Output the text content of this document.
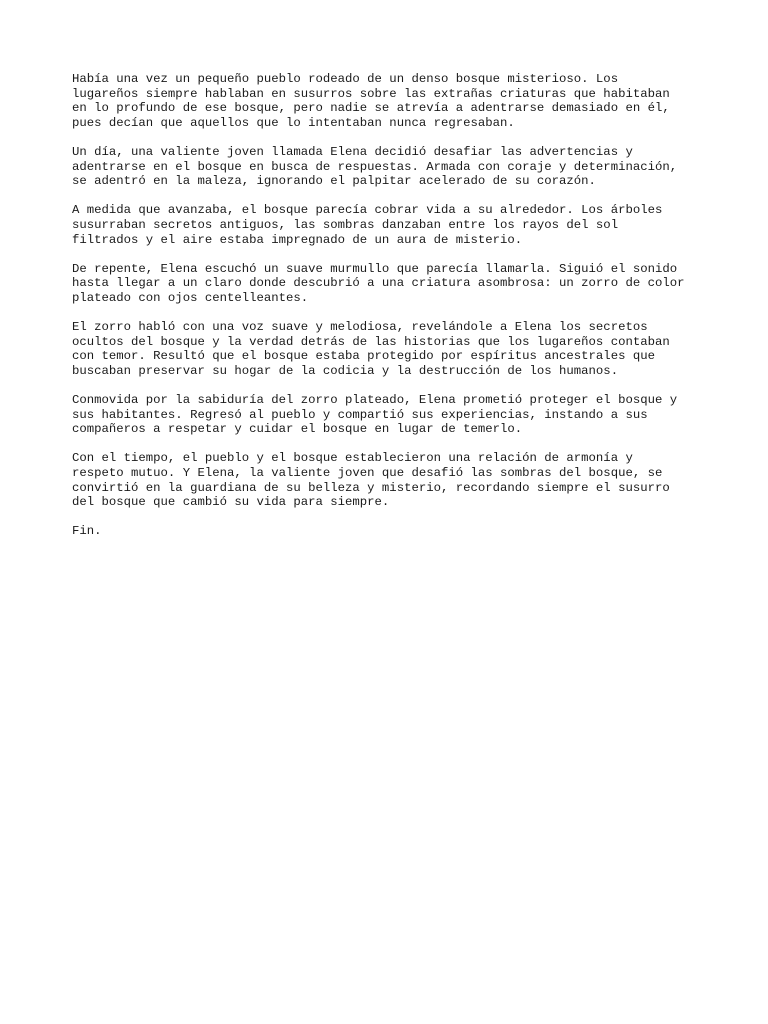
Había una vez un pequeño pueblo rodeado de un denso bosque misterioso. Los
lugareños siempre hablaban en susurros sobre las extrañas criaturas que habitaban
en lo profundo de ese bosque, pero nadie se atrevía a adentrarse demasiado en él,
pues decían que aquellos que lo intentaban nunca regresaban.
Un día, una valiente joven llamada Elena decidió desafiar las advertencias y
adentrarse en el bosque en busca de respuestas. Armada con coraje y determinación,
se adentró en la maleza, ignorando el palpitar acelerado de su corazón.
A medida que avanzaba, el bosque parecía cobrar vida a su alrededor. Los árboles
susurraban secretos antiguos, las sombras danzaban entre los rayos del sol
filtrados y el aire estaba impregnado de un aura de misterio.
De repente, Elena escuchó un suave murmullo que parecía llamarla. Siguió el sonido
hasta llegar a un claro donde descubrió a una criatura asombrosa: un zorro de color
plateado con ojos centelleantes.
El zorro habló con una voz suave y melodiosa, revelándole a Elena los secretos
ocultos del bosque y la verdad detrás de las historias que los lugareños contaban
con temor. Resultó que el bosque estaba protegido por espíritus ancestrales que
buscaban preservar su hogar de la codicia y la destrucción de los humanos.
Conmovida por la sabiduría del zorro plateado, Elena prometió proteger el bosque y
sus habitantes. Regresó al pueblo y compartió sus experiencias, instando a sus
compañeros a respetar y cuidar el bosque en lugar de temerlo.
Con el tiempo, el pueblo y el bosque establecieron una relación de armonía y
respeto mutuo. Y Elena, la valiente joven que desafió las sombras del bosque, se
convirtió en la guardiana de su belleza y misterio, recordando siempre el susurro
del bosque que cambió su vida para siempre.
Fin.
